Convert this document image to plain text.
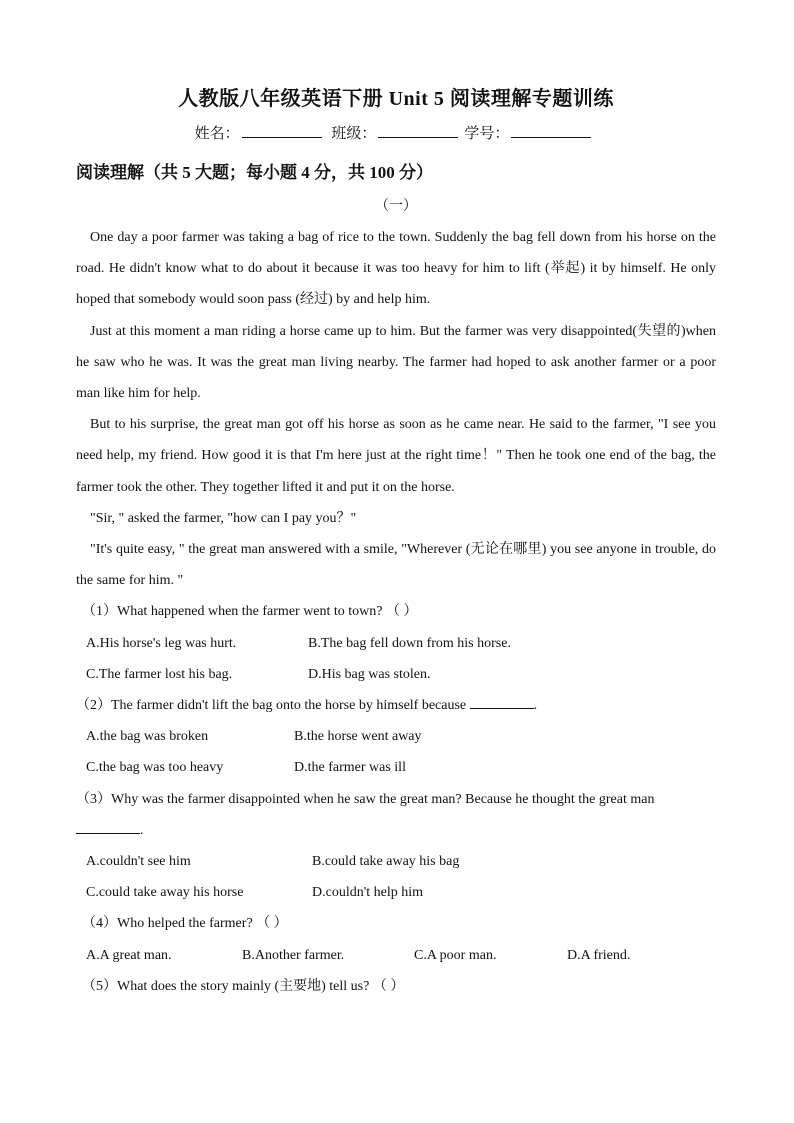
人教版八年级英语下册 Unit 5 阅读理解专题训练
姓名：	班级：	学号：
阅读理解（共 5 大题；每小题 4 分，共 100 分）
（一）

One day a poor farmer was taking a bag of rice to the town. Suddenly the bag fell down from his horse on the road. He didn't know what to do about it because it was too heavy for him to lift (举起) it by himself. He only hoped that somebody would soon pass (经过) by and help him.

Just at this moment a man riding a horse came up to him. But the farmer was very disappointed(失望的)when he saw who he was. It was the great man living nearby. The farmer had hoped to ask another farmer or a poor man like him for help.

But to his surprise, the great man got off his horse as soon as he came near. He said to the farmer, "I see you need help, my friend. How good it is that I'm here just at the right time！" Then he took one end of the bag, the farmer took the other. They together lifted it and put it on the horse.

"Sir, " asked the farmer, "how can I pay you？"

"It's quite easy, " the great man answered with a smile, "Wherever (无论在哪里) you see anyone in trouble, do the same for him. "

（1）What happened when the farmer went to town? （ ）

A.His horse's leg was hurt.	B.The bag fell down from his horse.
C.The farmer lost his bag.	D.His bag was stolen.

（2）The farmer didn't lift the bag onto the horse by himself because	.

A.the bag was broken	B.the horse went away
C.the bag was too heavy	D.the farmer was ill

（3）Why was the farmer disappointed when he saw the great man? Because he thought the great man
.

A.couldn't see him	B.could take away his bag
C.could take away his horse	D.couldn't help him

（4）Who helped the farmer? （ ）

A.A great man.	B.Another farmer.	C.A poor man.	D.A friend.

（5）What does the story mainly (主要地) tell us? （ ）
